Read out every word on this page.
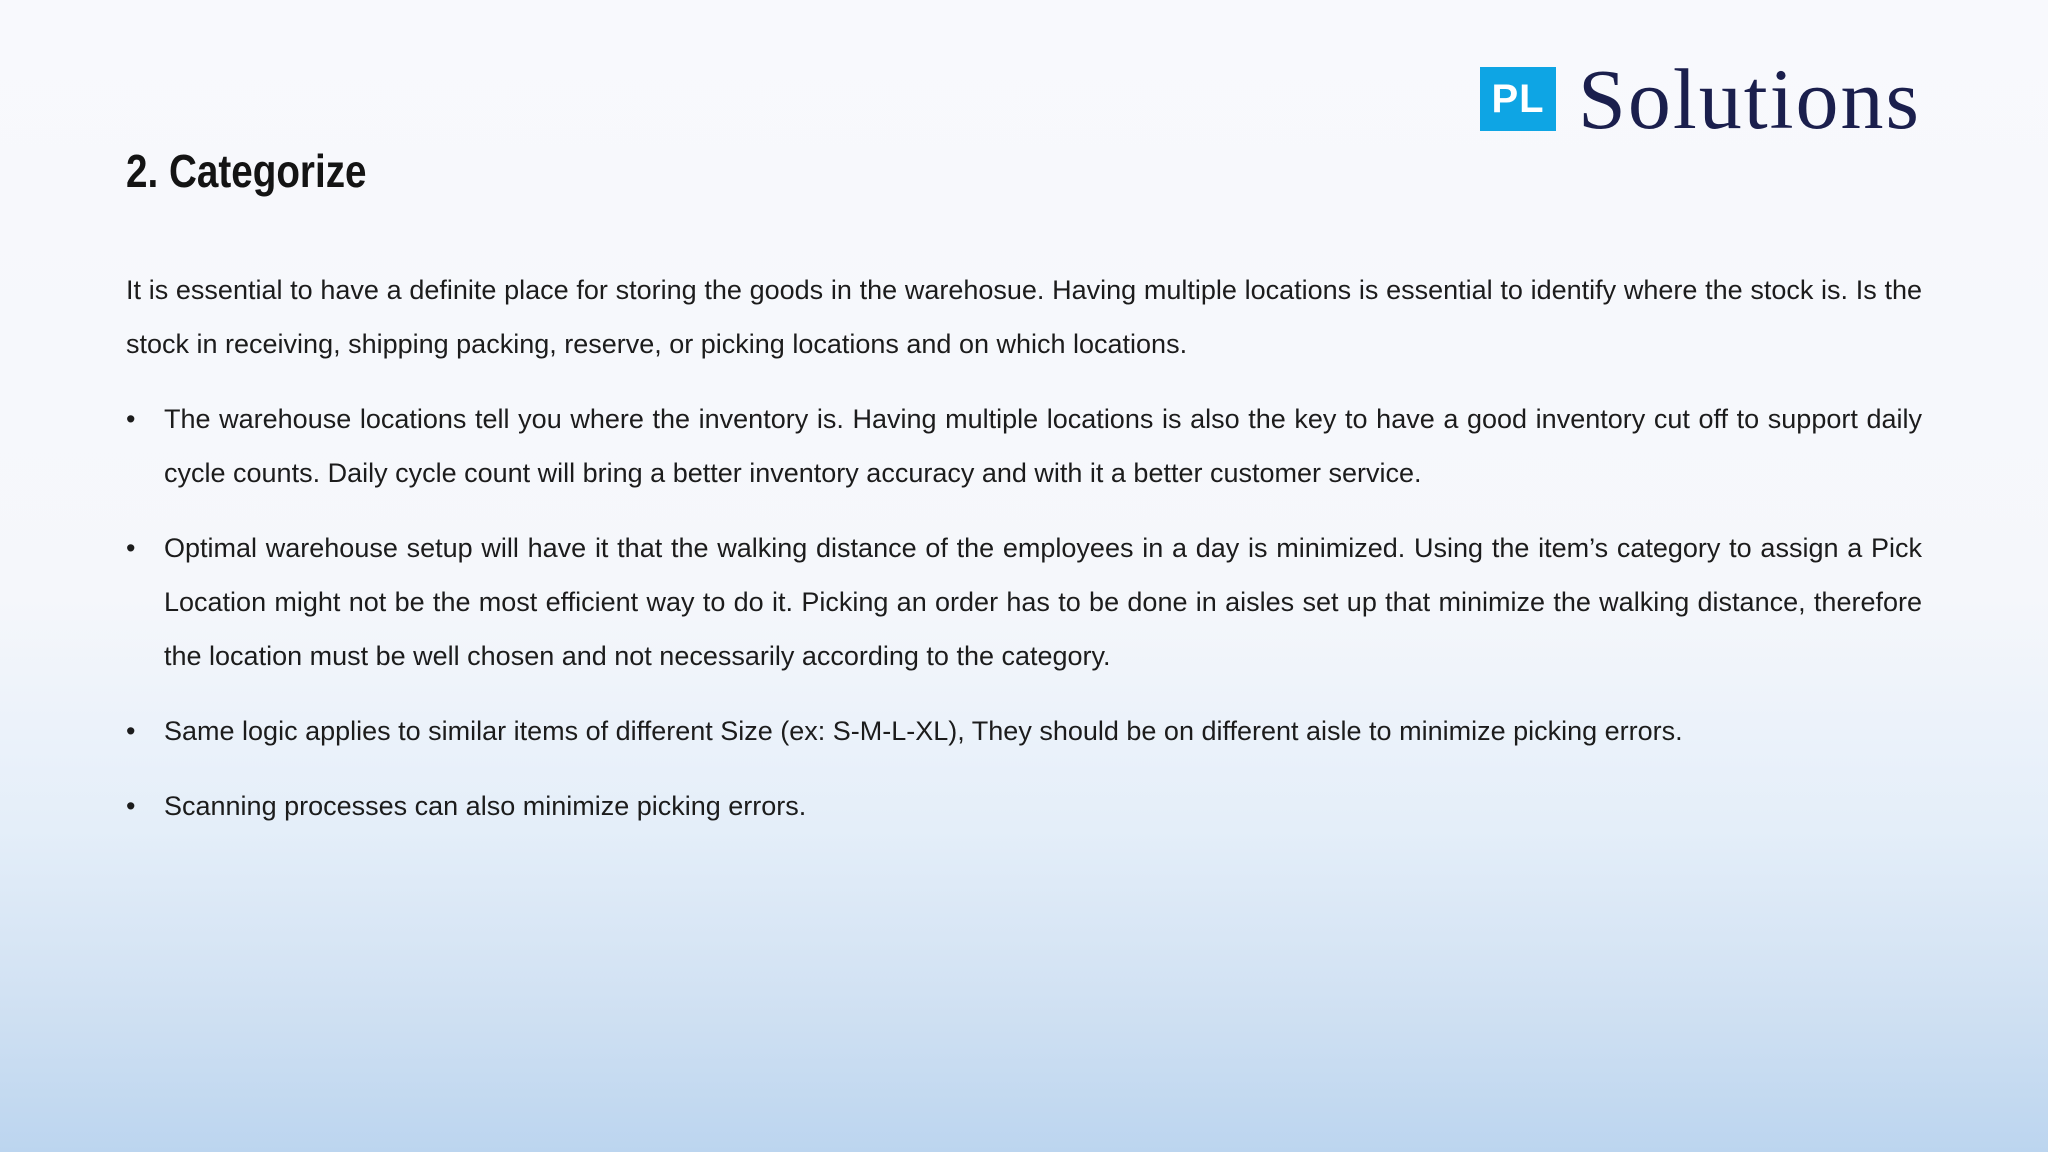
PL Solutions
2. Categorize

It is essential to have a definite place for storing the goods in the warehosue. Having multiple locations is essential to identify where the stock is. Is the stock in receiving, shipping packing, reserve, or picking locations and on which locations.

• The warehouse locations tell you where the inventory is. Having multiple locations is also the key to have a good inventory cut off to support daily cycle counts. Daily cycle count will bring a better inventory accuracy and with it a better customer service.
• Optimal warehouse setup will have it that the walking distance of the employees in a day is minimized. Using the item’s category to assign a Pick Location might not be the most efficient way to do it. Picking an order has to be done in aisles set up that minimize the walking distance, therefore the location must be well chosen and not necessarily according to the category.
• Same logic applies to similar items of different Size (ex: S-M-L-XL), They should be on different aisle to minimize picking errors.
• Scanning processes can also minimize picking errors.
